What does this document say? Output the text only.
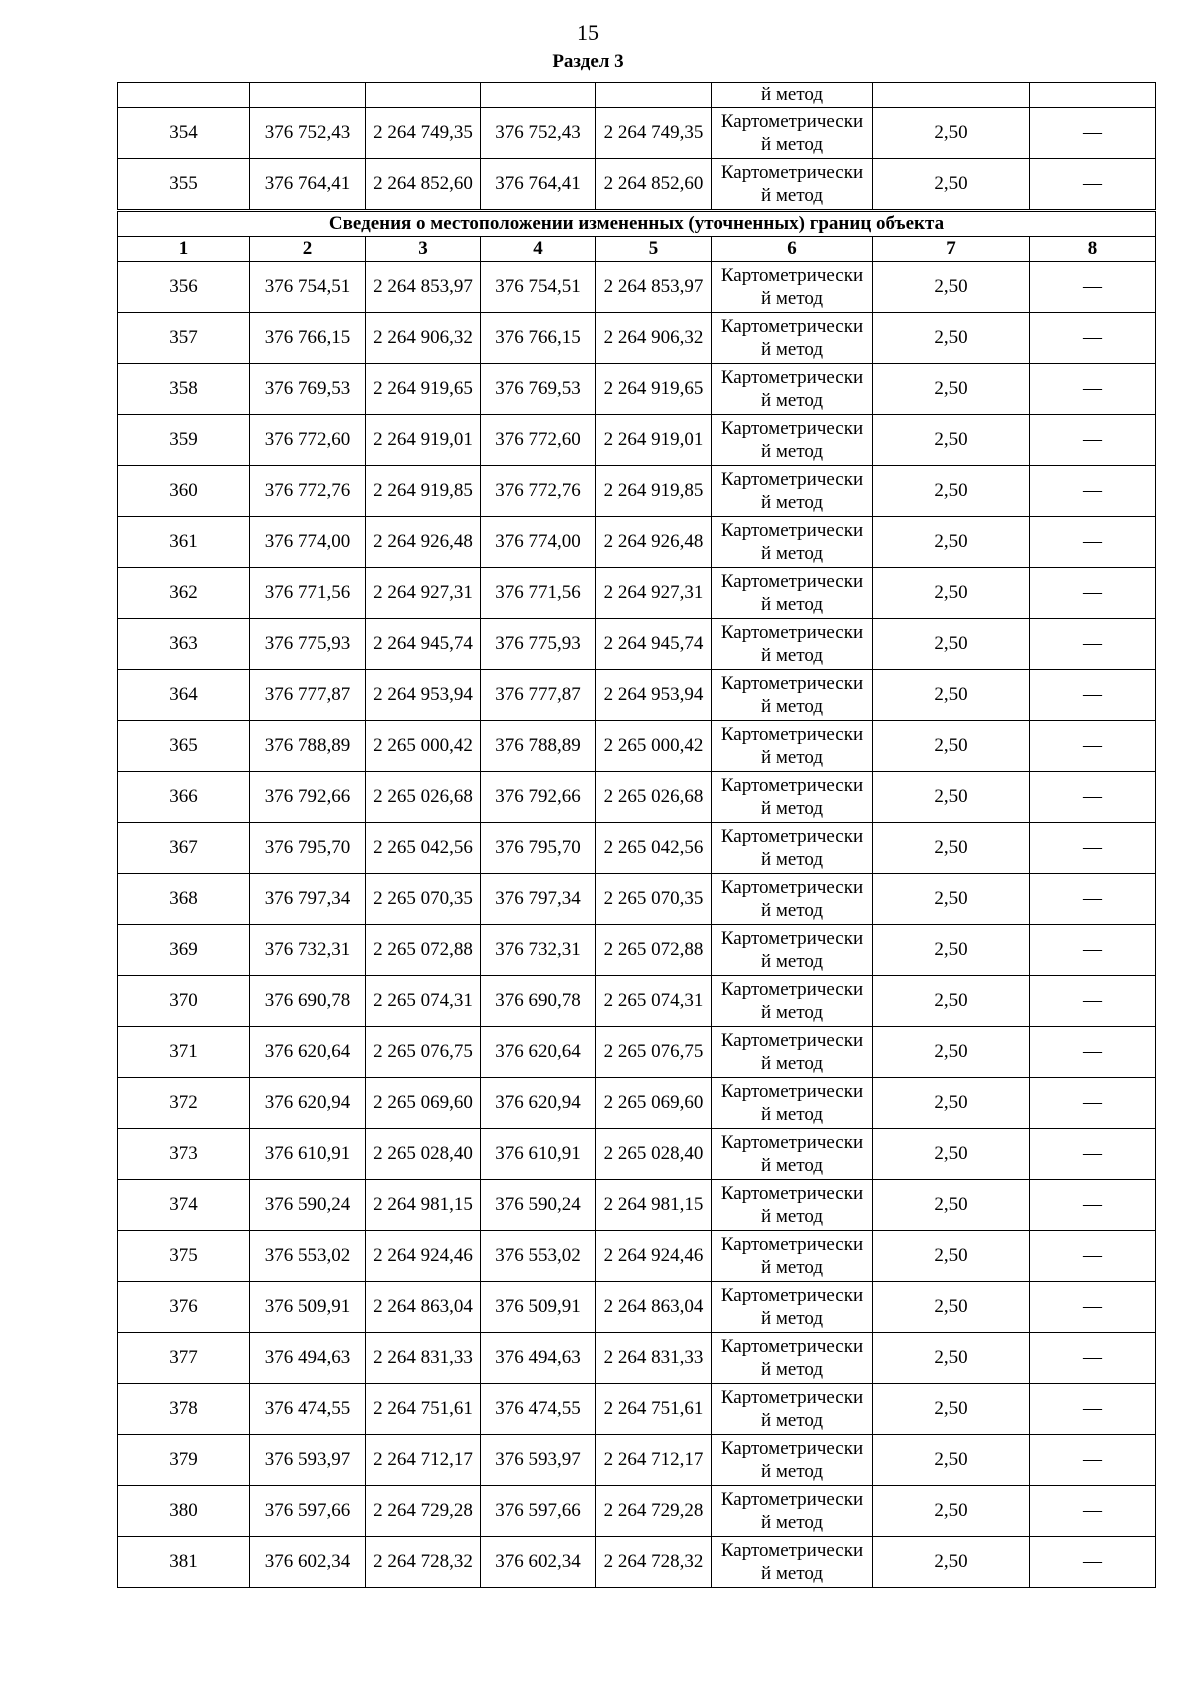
15
Раздел 3
					й метод		
354	376 752,43	2 264 749,35	376 752,43	2 264 749,35	Картометрически
й метод	2,50	—
355	376 764,41	2 264 852,60	376 764,41	2 264 852,60	Картометрически
й метод	2,50	—
Сведения о местоположении измененных (уточненных) границ объекта							
1	2	3	4	5	6	7	8
356	376 754,51	2 264 853,97	376 754,51	2 264 853,97	Картометрически
й метод	2,50	—
357	376 766,15	2 264 906,32	376 766,15	2 264 906,32	Картометрически
й метод	2,50	—
358	376 769,53	2 264 919,65	376 769,53	2 264 919,65	Картометрически
й метод	2,50	—
359	376 772,60	2 264 919,01	376 772,60	2 264 919,01	Картометрически
й метод	2,50	—
360	376 772,76	2 264 919,85	376 772,76	2 264 919,85	Картометрически
й метод	2,50	—
361	376 774,00	2 264 926,48	376 774,00	2 264 926,48	Картометрически
й метод	2,50	—
362	376 771,56	2 264 927,31	376 771,56	2 264 927,31	Картометрически
й метод	2,50	—
363	376 775,93	2 264 945,74	376 775,93	2 264 945,74	Картометрически
й метод	2,50	—
364	376 777,87	2 264 953,94	376 777,87	2 264 953,94	Картометрически
й метод	2,50	—
365	376 788,89	2 265 000,42	376 788,89	2 265 000,42	Картометрически
й метод	2,50	—
366	376 792,66	2 265 026,68	376 792,66	2 265 026,68	Картометрически
й метод	2,50	—
367	376 795,70	2 265 042,56	376 795,70	2 265 042,56	Картометрически
й метод	2,50	—
368	376 797,34	2 265 070,35	376 797,34	2 265 070,35	Картометрически
й метод	2,50	—
369	376 732,31	2 265 072,88	376 732,31	2 265 072,88	Картометрически
й метод	2,50	—
370	376 690,78	2 265 074,31	376 690,78	2 265 074,31	Картометрически
й метод	2,50	—
371	376 620,64	2 265 076,75	376 620,64	2 265 076,75	Картометрически
й метод	2,50	—
372	376 620,94	2 265 069,60	376 620,94	2 265 069,60	Картометрически
й метод	2,50	—
373	376 610,91	2 265 028,40	376 610,91	2 265 028,40	Картометрически
й метод	2,50	—
374	376 590,24	2 264 981,15	376 590,24	2 264 981,15	Картометрически
й метод	2,50	—
375	376 553,02	2 264 924,46	376 553,02	2 264 924,46	Картометрически
й метод	2,50	—
376	376 509,91	2 264 863,04	376 509,91	2 264 863,04	Картометрически
й метод	2,50	—
377	376 494,63	2 264 831,33	376 494,63	2 264 831,33	Картометрически
й метод	2,50	—
378	376 474,55	2 264 751,61	376 474,55	2 264 751,61	Картометрически
й метод	2,50	—
379	376 593,97	2 264 712,17	376 593,97	2 264 712,17	Картометрически
й метод	2,50	—
380	376 597,66	2 264 729,28	376 597,66	2 264 729,28	Картометрически
й метод	2,50	—
381	376 602,34	2 264 728,32	376 602,34	2 264 728,32	Картометрически
й метод	2,50	—
